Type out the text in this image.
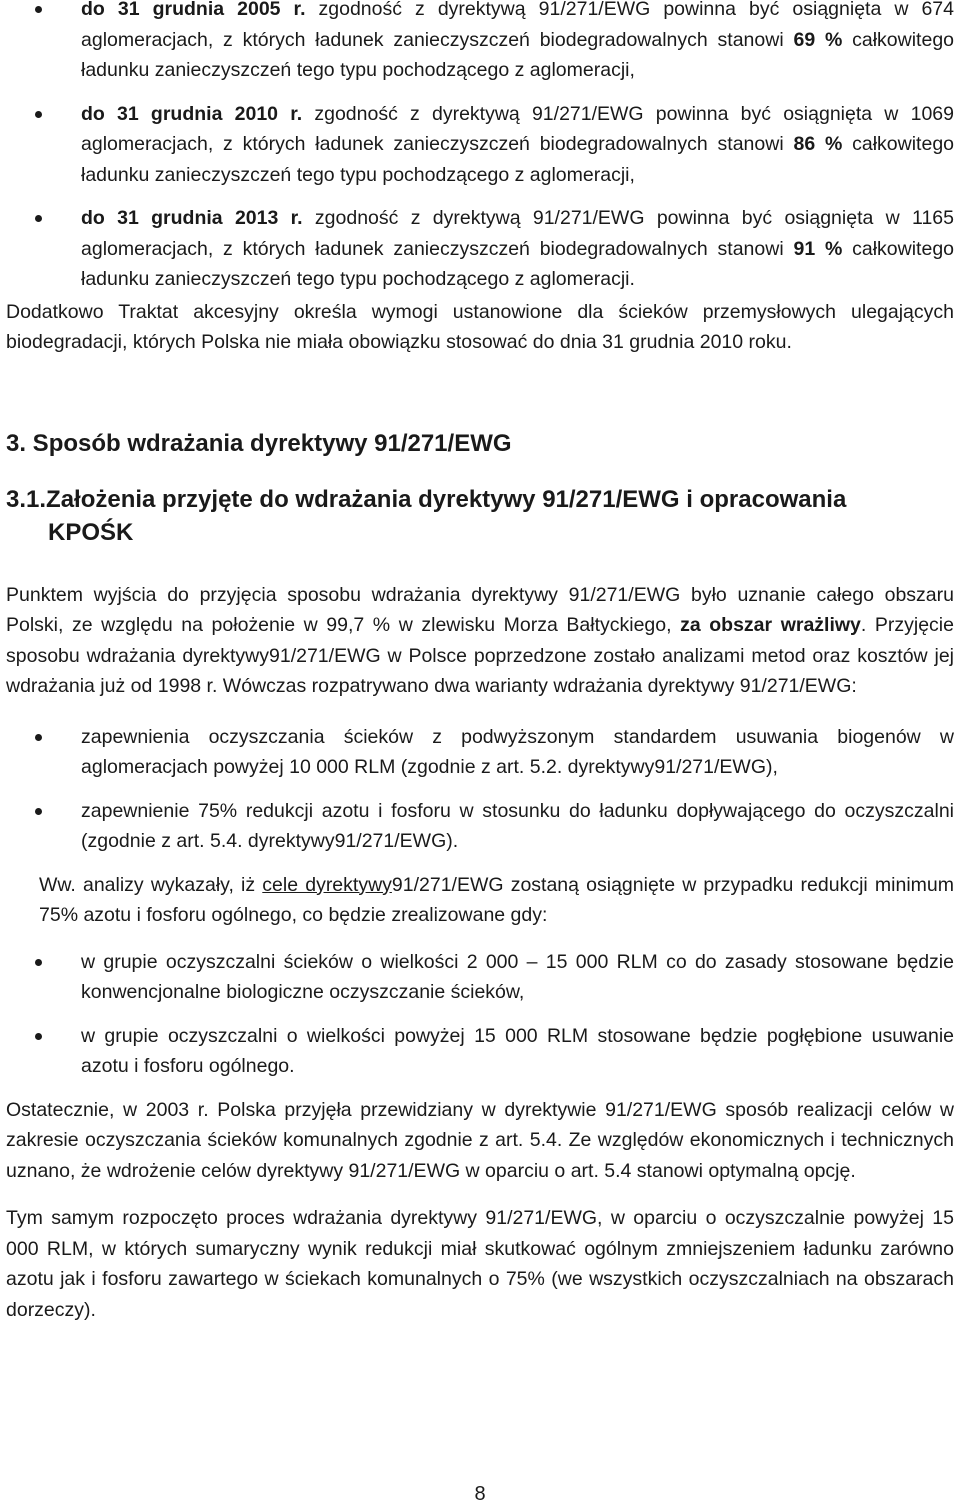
do 31 grudnia 2005 r. zgodność z dyrektywą 91/271/EWG powinna być osiągnięta w 674 aglomeracjach, z których ładunek zanieczyszczeń biodegradowalnych stanowi 69 % całkowitego ładunku zanieczyszczeń tego typu pochodzącego z aglomeracji,
do 31 grudnia 2010 r. zgodność z dyrektywą 91/271/EWG powinna być osiągnięta w 1069 aglomeracjach, z których ładunek zanieczyszczeń biodegradowalnych stanowi 86 % całkowitego ładunku zanieczyszczeń tego typu pochodzącego z aglomeracji,
do 31 grudnia 2013 r. zgodność z dyrektywą 91/271/EWG powinna być osiągnięta w 1165 aglomeracjach, z których ładunek zanieczyszczeń biodegradowalnych stanowi 91 % całkowitego ładunku zanieczyszczeń tego typu pochodzącego z aglomeracji.

Dodatkowo Traktat akcesyjny określa wymogi ustanowione dla ścieków przemysłowych ulegających biodegradacji, których Polska nie miała obowiązku stosować do dnia 31 grudnia 2010 roku.

3. Sposób wdrażania dyrektywy 91/271/EWG
3.1.Założenia przyjęte do wdrażania dyrektywy 91/271/EWG i opracowania
KPOŚK

Punktem wyjścia do przyjęcia sposobu wdrażania dyrektywy 91/271/EWG było uznanie całego obszaru Polski, ze względu na położenie w 99,7 % w zlewisku Morza Bałtyckiego, za obszar wrażliwy. Przyjęcie sposobu wdrażania dyrektywy91/271/EWG w Polsce poprzedzone zostało analizami metod oraz kosztów jej wdrażania już od 1998 r. Wówczas rozpatrywano dwa warianty wdrażania dyrektywy 91/271/EWG:

zapewnienia oczyszczania ścieków z podwyższonym standardem usuwania biogenów w aglomeracjach powyżej 10 000 RLM (zgodnie z art. 5.2. dyrektywy91/271/EWG),
zapewnienie 75% redukcji azotu i fosforu w stosunku do ładunku dopływającego do oczyszczalni (zgodnie z art. 5.4. dyrektywy91/271/EWG).

Ww. analizy wykazały, iż cele dyrektywy91/271/EWG zostaną osiągnięte w przypadku redukcji minimum 75% azotu i fosforu ogólnego, co będzie zrealizowane gdy:

w grupie oczyszczalni ścieków o wielkości 2 000 – 15 000 RLM co do zasady stosowane będzie konwencjonalne biologiczne oczyszczanie ścieków,
w grupie oczyszczalni o wielkości powyżej 15 000 RLM stosowane będzie pogłębione usuwanie azotu i fosforu ogólnego.

Ostatecznie, w 2003 r. Polska przyjęła przewidziany w dyrektywie 91/271/EWG sposób realizacji celów w zakresie oczyszczania ścieków komunalnych zgodnie z art. 5.4. Ze względów ekonomicznych i technicznych uznano, że wdrożenie celów dyrektywy 91/271/EWG w oparciu o art. 5.4 stanowi optymalną opcję.

Tym samym rozpoczęto proces wdrażania dyrektywy 91/271/EWG, w oparciu o oczyszczalnie powyżej 15 000 RLM, w których sumaryczny wynik redukcji miał skutkować ogólnym zmniejszeniem ładunku zarówno azotu jak i fosforu zawartego w ściekach komunalnych o 75% (we wszystkich oczyszczalniach na obszarach dorzeczy).

8
